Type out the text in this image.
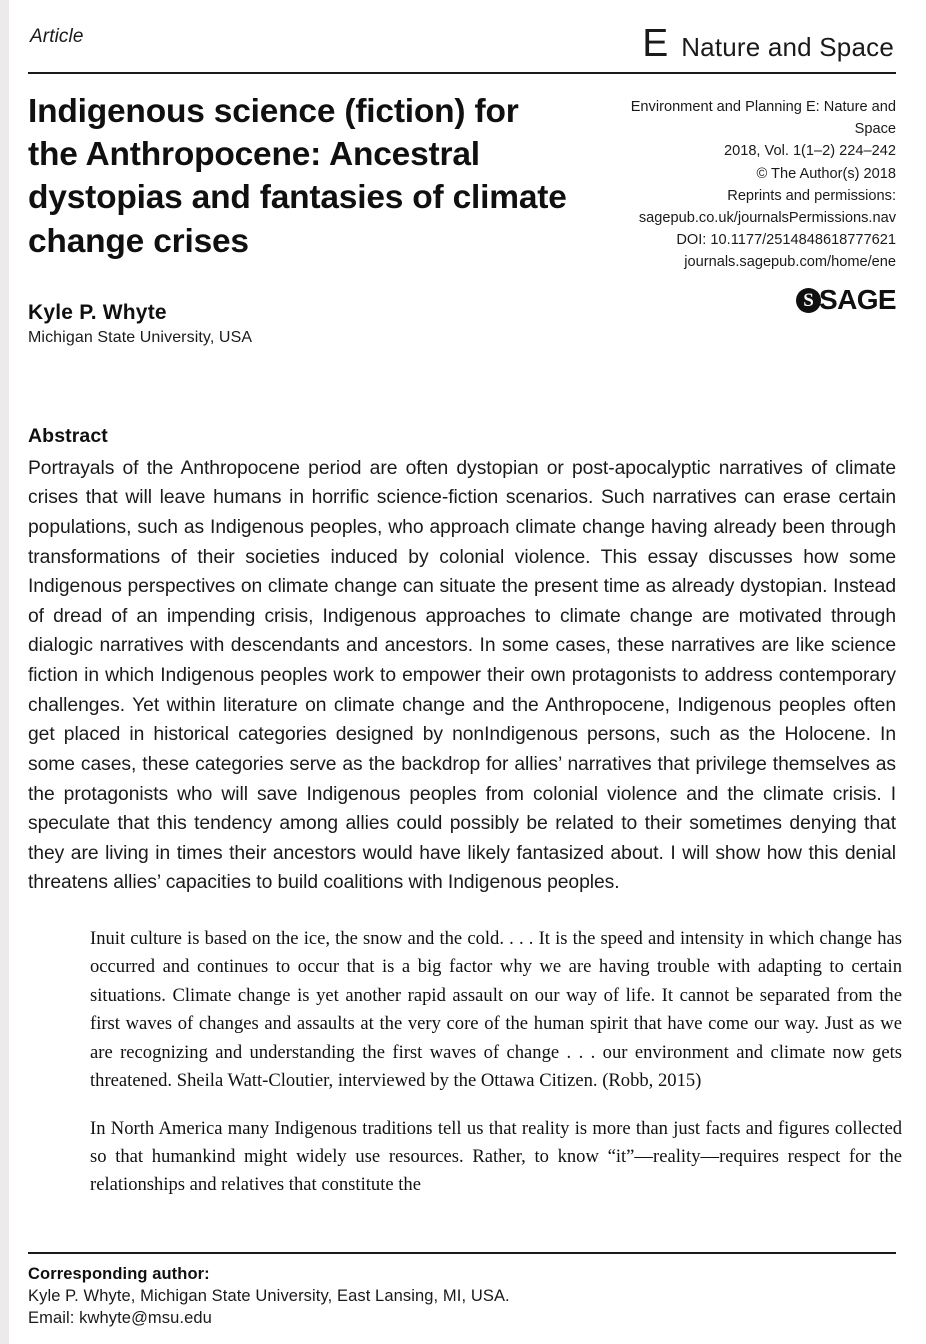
Article	E Nature and Space
Indigenous science (fiction) for the Anthropocene: Ancestral dystopias and fantasies of climate change crises

Kyle P. Whyte

Michigan State University, USA

Environment and Planning E: Nature and
Space
2018, Vol. 1(1–2) 224–242
© The Author(s) 2018
Reprints and permissions:
sagepub.co.uk/journalsPermissions.nav
DOI: 10.1177/2514848618777621
journals.sagepub.com/home/ene
S SAGE
Abstract

Portrayals of the Anthropocene period are often dystopian or post-apocalyptic narratives of climate crises that will leave humans in horrific science-fiction scenarios. Such narratives can erase certain populations, such as Indigenous peoples, who approach climate change having already been through transformations of their societies induced by colonial violence. This essay discusses how some Indigenous perspectives on climate change can situate the present time as already dystopian. Instead of dread of an impending crisis, Indigenous approaches to climate change are motivated through dialogic narratives with descendants and ancestors. In some cases, these narratives are like science fiction in which Indigenous peoples work to empower their own protagonists to address contemporary challenges. Yet within literature on climate change and the Anthropocene, Indigenous peoples often get placed in historical categories designed by nonIndigenous persons, such as the Holocene. In some cases, these categories serve as the backdrop for allies’ narratives that privilege themselves as the protagonists who will save Indigenous peoples from colonial violence and the climate crisis. I speculate that this tendency among allies could possibly be related to their sometimes denying that they are living in times their ancestors would have likely fantasized about. I will show how this denial threatens allies’ capacities to build coalitions with Indigenous peoples.

Inuit culture is based on the ice, the snow and the cold. . . . It is the speed and intensity in which change has occurred and continues to occur that is a big factor why we are having trouble with adapting to certain situations. Climate change is yet another rapid assault on our way of life. It cannot be separated from the first waves of changes and assaults at the very core of the human spirit that have come our way. Just as we are recognizing and understanding the first waves of change . . . our environment and climate now gets threatened. Sheila Watt-Cloutier, interviewed by the Ottawa Citizen. (Robb, 2015)

In North America many Indigenous traditions tell us that reality is more than just facts and figures collected so that humankind might widely use resources. Rather, to know “it”—reality—requires respect for the relationships and relatives that constitute the

Corresponding author:

Kyle P. Whyte, Michigan State University, East Lansing, MI, USA.

Email: kwhyte@msu.edu
